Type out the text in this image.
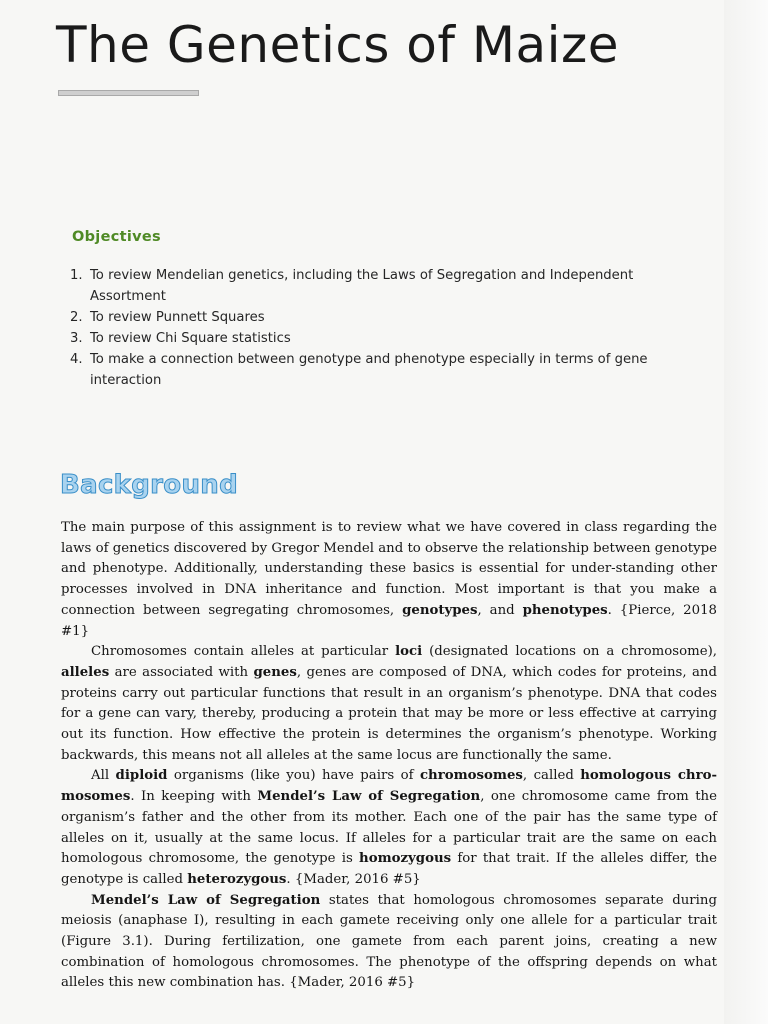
The Genetics of Maize
Objectives
1. To review Mendelian genetics, including the Laws of Segregation and Independent Assortment
2. To review Punnett Squares
3. To review Chi Square statistics
4. To make a connection between genotype and phenotype especially in terms of gene interaction
Background

The main purpose of this assignment is to review what we have covered in class regarding the laws of genetics discovered by Gregor Mendel and to observe the relationship between genotype and phenotype. Additionally, understanding these basics is essential for under-standing other processes involved in DNA inheritance and function. Most important is that you make a connection between segregating chromosomes, genotypes, and phenotypes. {Pierce, 2018 #1}

Chromosomes contain alleles at particular loci (designated locations on a chromosome), alleles are associated with genes, genes are composed of DNA, which codes for proteins, and proteins carry out particular functions that result in an organism’s phenotype. DNA that codes for a gene can vary, thereby, producing a protein that may be more or less effective at carrying out its function. How effective the protein is determines the organism’s phenotype. Working backwards, this means not all alleles at the same locus are functionally the same.

All diploid organisms (like you) have pairs of chromosomes, called homologous chro-mosomes. In keeping with Mendel’s Law of Segregation, one chromosome came from the organism’s father and the other from its mother. Each one of the pair has the same type of alleles on it, usually at the same locus. If alleles for a particular trait are the same on each homologous chromosome, the genotype is homozygous for that trait. If the alleles differ, the genotype is called heterozygous. {Mader, 2016 #5}

Mendel’s Law of Segregation states that homologous chromosomes separate during meiosis (anaphase I), resulting in each gamete receiving only one allele for a particular trait (Figure 3.1). During fertilization, one gamete from each parent joins, creating a new combination of homologous chromosomes. The phenotype of the offspring depends on what alleles this new combination has. {Mader, 2016 #5}
